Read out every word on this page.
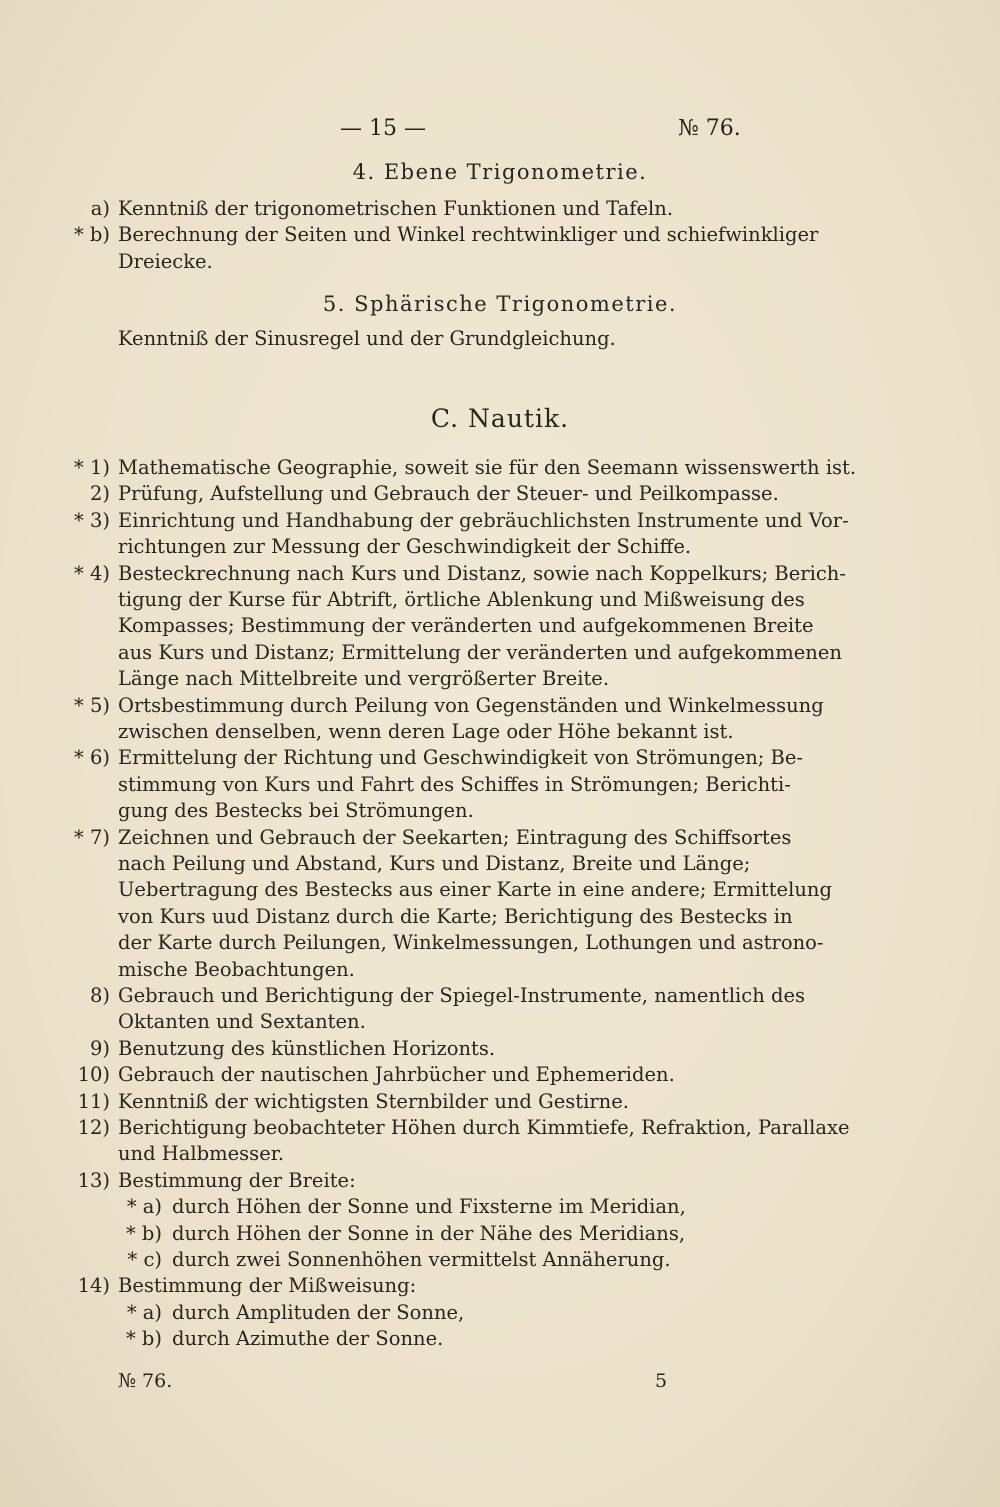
— 15 —	№ 76.
4. Ebene Trigonometrie.
a) Kenntniß der trigonometrischen Funktionen und Tafeln.
* b) Berechnung der Seiten und Winkel rechtwinkliger und schiefwinkliger
Dreiecke.
5. Sphärische Trigonometrie.
Kenntniß der Sinusregel und der Grundgleichung.
C. Nautik.
* 1) Mathematische Geographie, soweit sie für den Seemann wissenswerth ist.
2) Prüfung, Aufstellung und Gebrauch der Steuer- und Peilkompasse.
* 3) Einrichtung und Handhabung der gebräuchlichsten Instrumente und Vor-
richtungen zur Messung der Geschwindigkeit der Schiffe.
* 4) Besteckrechnung nach Kurs und Distanz, sowie nach Koppelkurs; Berich-
tigung der Kurse für Abtrift, örtliche Ablenkung und Mißweisung des
Kompasses; Bestimmung der veränderten und aufgekommenen Breite
aus Kurs und Distanz; Ermittelung der veränderten und aufgekommenen
Länge nach Mittelbreite und vergrößerter Breite.
* 5) Ortsbestimmung durch Peilung von Gegenständen und Winkelmessung
zwischen denselben, wenn deren Lage oder Höhe bekannt ist.
* 6) Ermittelung der Richtung und Geschwindigkeit von Strömungen; Be-
stimmung von Kurs und Fahrt des Schiffes in Strömungen; Berichti-
gung des Bestecks bei Strömungen.
* 7) Zeichnen und Gebrauch der Seekarten; Eintragung des Schiffsortes
nach Peilung und Abstand, Kurs und Distanz, Breite und Länge;
Uebertragung des Bestecks aus einer Karte in eine andere; Ermittelung
von Kurs uud Distanz durch die Karte; Berichtigung des Bestecks in
der Karte durch Peilungen, Winkelmessungen, Lothungen und astrono-
mische Beobachtungen.
8) Gebrauch und Berichtigung der Spiegel-Instrumente, namentlich des
Oktanten und Sextanten.
9) Benutzung des künstlichen Horizonts.
10) Gebrauch der nautischen Jahrbücher und Ephemeriden.
11) Kenntniß der wichtigsten Sternbilder und Gestirne.
12) Berichtigung beobachteter Höhen durch Kimmtiefe, Refraktion, Parallaxe
und Halbmesser.
13) Bestimmung der Breite:
* a) durch Höhen der Sonne und Fixsterne im Meridian,
* b) durch Höhen der Sonne in der Nähe des Meridians,
* c) durch zwei Sonnenhöhen vermittelst Annäherung.
14) Bestimmung der Mißweisung:
* a) durch Amplituden der Sonne,
* b) durch Azimuthe der Sonne.
№ 76.	5
